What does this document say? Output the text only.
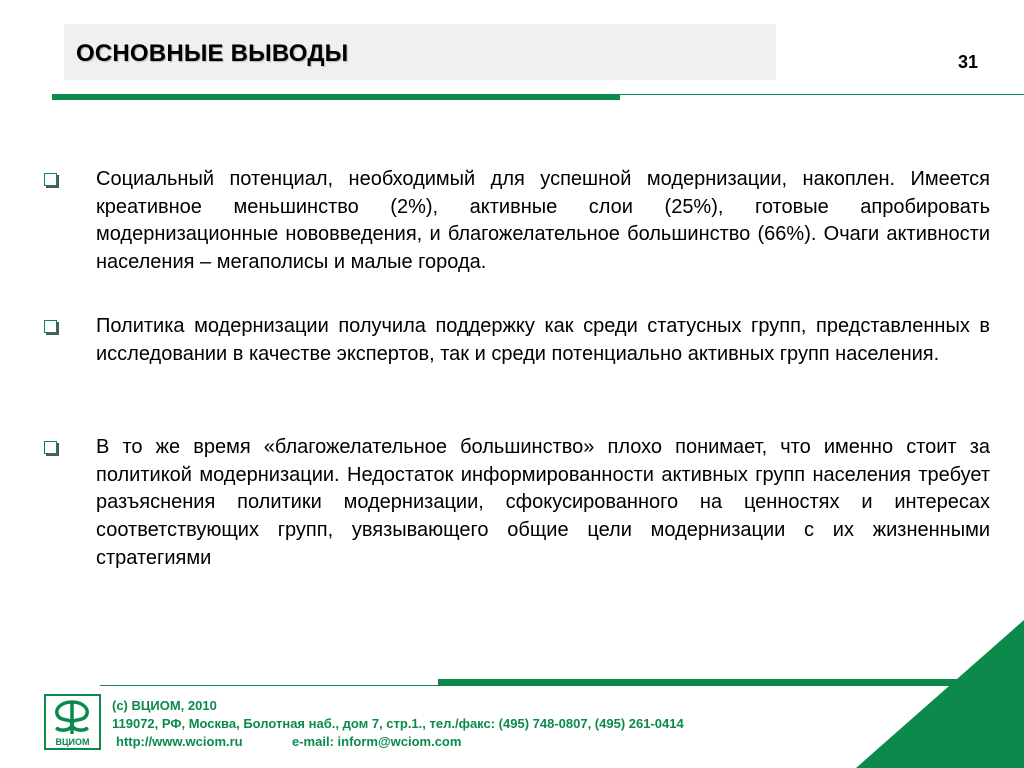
ОСНОВНЫЕ ВЫВОДЫ	31
Социальный потенциал, необходимый для успешной модернизации, накоплен. Имеется креативное меньшинство (2%), активные слои (25%), готовые апробировать модернизационные нововведения, и благожелательное большинство (66%). Очаги активности населения – мегаполисы и малые города.
Политика модернизации получила поддержку как среди статусных групп, представленных в исследовании в качестве экспертов, так и среди потенциально активных групп населения.
В то же время «благожелательное большинство» плохо понимает, что именно стоит за политикой модернизации. Недостаток информированности активных групп населения требует разъяснения политики модернизации, сфокусированного на ценностях и интересах соответствующих групп, увязывающего общие цели модернизации с их жизненными стратегиями
ВЦИОМ
(с) ВЦИОМ, 2010
119072, РФ, Москва, Болотная наб., дом 7, стр.1., тел./факс: (495) 748-0807, (495) 261-0414
http://www.wciom.ru	e-mail: inform@wciom.com
